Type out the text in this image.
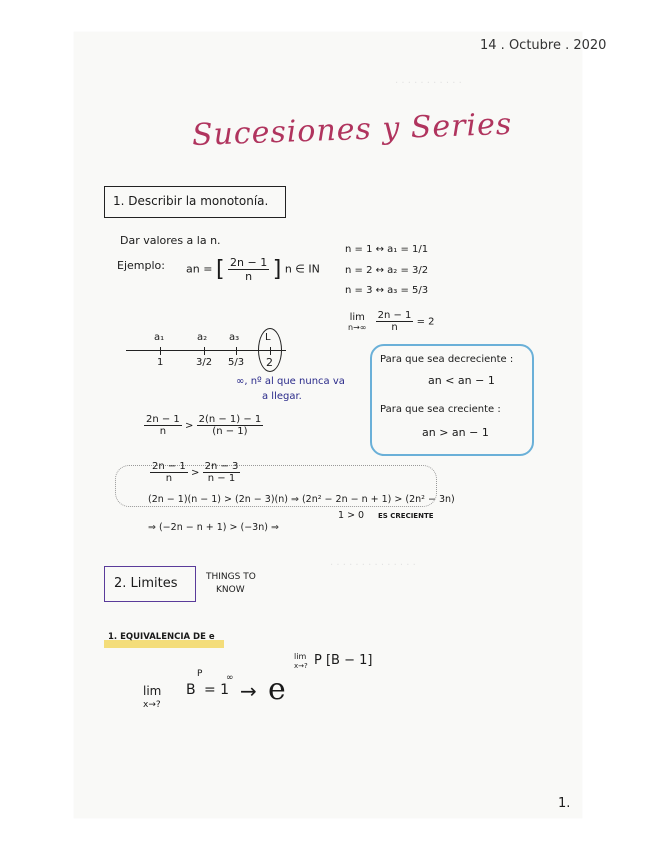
· · · · · · · · · · ·
· · · · · · · · · · · · · ·
14 . Octubre . 2020
Sucesiones y Series
1. Describir la monotonía.
Dar valores a la n.
Ejemplo: an = [ $\frac{2n - 1}{n}$ ] n ∈ IN
n = 1 ↔ a₁ = 1/1
n = 2 ↔ a₂ = 3/2
n = 3 ↔ a₃ = 5/3
lim
n→∞
$\frac{2n - 1}{n} = 2$
a₁	a₂ a₃	L
1	3/2 5/3 2
∞, nº al que nunca va
a llegar.
Para que sea decreciente :
an < an − 1
Para que sea creciente :
an > an − 1
$\frac{2n - 1}{n} > \frac{2(n - 1) - 1}{(n - 1)}$
$\frac{2n - 1}{n} > \frac{2n - 3}{n - 1}$
(2n − 1)(n − 1) > (2n − 3)(n) ⇒ (2n² − 2n − n + 1) > (2n² − 3n)
⇒ (−2n − n + 1) > (−3n) ⇒
1 > 0 ES CRECIENTE
2. Limites	THINGS TO
KNOW
1. EQUIVALENCIA DE e
lim
x→?
B
P
= 1
∞
→ e
lim
x→? P [B − 1]
1.
